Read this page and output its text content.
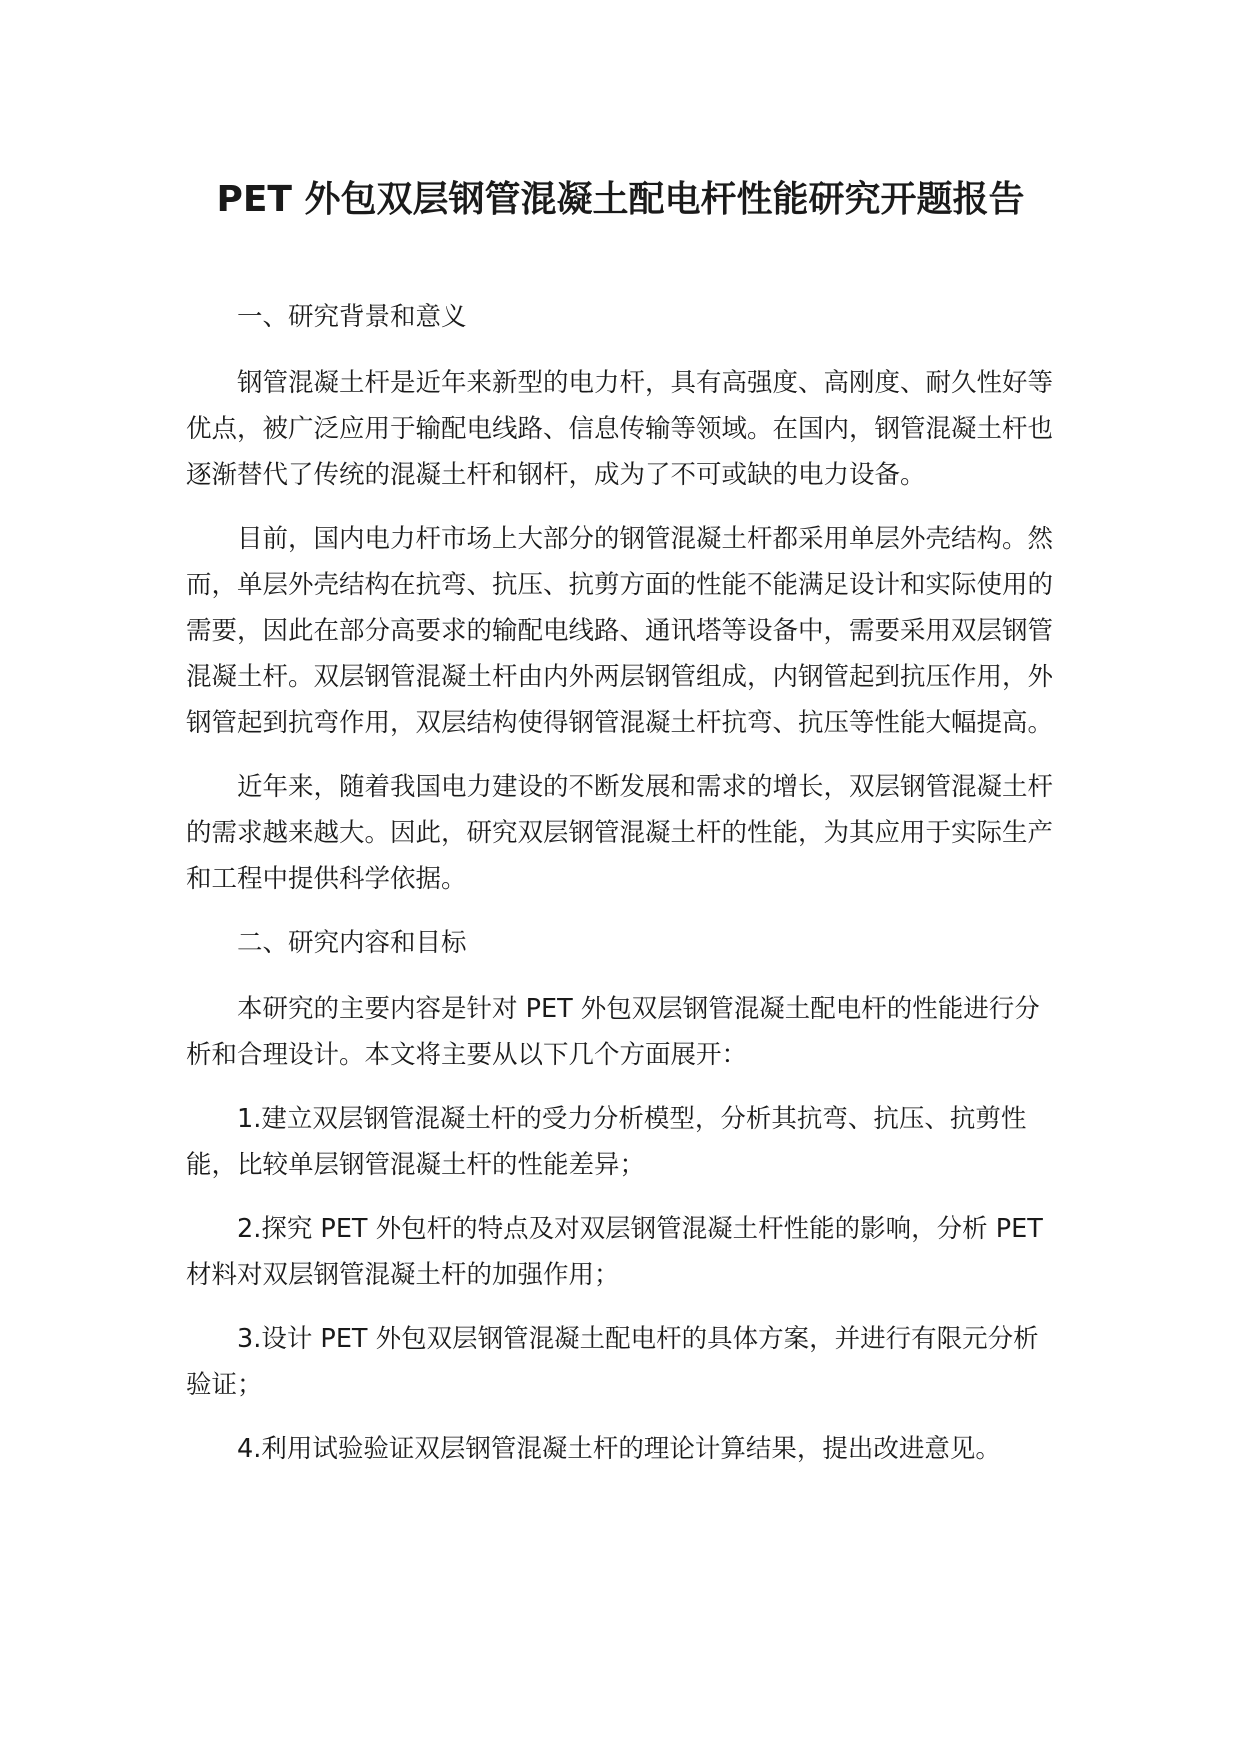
PET 外包双层钢管混凝土配电杆性能研究开题报告

一、研究背景和意义

钢管混凝土杆是近年来新型的电力杆，具有高强度、高刚度、耐久性好等优点，被广泛应用于输配电线路、信息传输等领域。在国内，钢管混凝土杆也逐渐替代了传统的混凝土杆和钢杆，成为了不可或缺的电力设备。

目前，国内电力杆市场上大部分的钢管混凝土杆都采用单层外壳结构。然而，单层外壳结构在抗弯、抗压、抗剪方面的性能不能满足设计和实际使用的需要，因此在部分高要求的输配电线路、通讯塔等设备中，需要采用双层钢管混凝土杆。双层钢管混凝土杆由内外两层钢管组成，内钢管起到抗压作用，外钢管起到抗弯作用，双层结构使得钢管混凝土杆抗弯、抗压等性能大幅提高。

近年来，随着我国电力建设的不断发展和需求的增长，双层钢管混凝土杆的需求越来越大。因此，研究双层钢管混凝土杆的性能，为其应用于实际生产和工程中提供科学依据。

二、研究内容和目标

本研究的主要内容是针对 PET 外包双层钢管混凝土配电杆的性能进行分析和合理设计。本文将主要从以下几个方面展开：

1.建立双层钢管混凝土杆的受力分析模型，分析其抗弯、抗压、抗剪性能，比较单层钢管混凝土杆的性能差异；

2.探究 PET 外包杆的特点及对双层钢管混凝土杆性能的影响，分析 PET 材料对双层钢管混凝土杆的加强作用；

3.设计 PET 外包双层钢管混凝土配电杆的具体方案，并进行有限元分析验证；

4.利用试验验证双层钢管混凝土杆的理论计算结果，提出改进意见。
